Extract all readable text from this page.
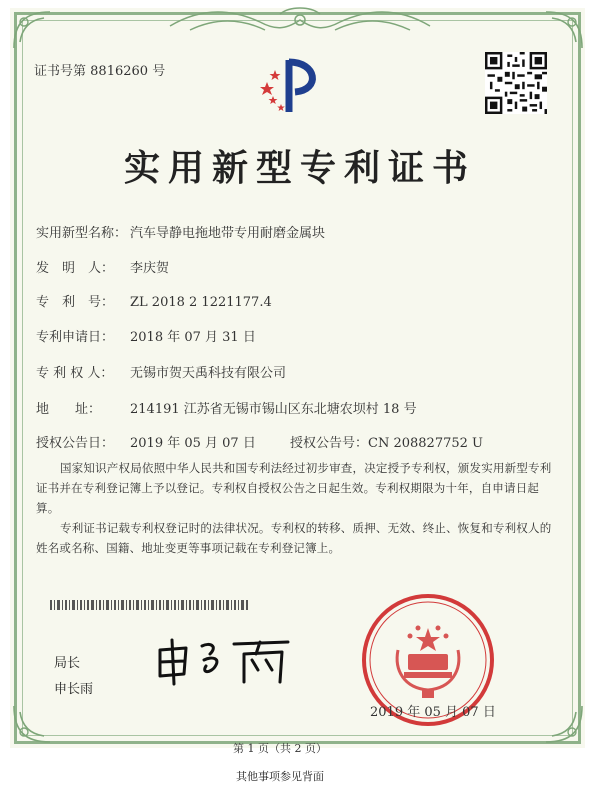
证书号第 8816260 号
实用新型专利证书
实用新型名称： 汽车导静电拖地带专用耐磨金属块
发　明　人： 李庆贺
专　利　号： ZL 2018 2 1221177.4
专利申请日： 2018 年 07 月 31 日
专 利 权 人： 无锡市贺天禹科技有限公司
地　　址： 214191 江苏省无锡市锡山区东北塘农坝村 18 号
授权公告日： 2019 年 05 月 07 日	授权公告号：CN 208827752 U
国家知识产权局依照中华人民共和国专利法经过初步审查，决定授予专利权，颁发实用新型专利证书并在专利登记簿上予以登记。专利权自授权公告之日起生效。专利权期限为十年，自申请日起算。
专利证书记载专利权登记时的法律状况。专利权的转移、质押、无效、终止、恢复和专利权人的姓名或名称、国籍、地址变更等事项记载在专利登记簿上。
局长
申长雨
2019 年 05 月 07 日
第 1 页（共 2 页）
其他事项参见背面
